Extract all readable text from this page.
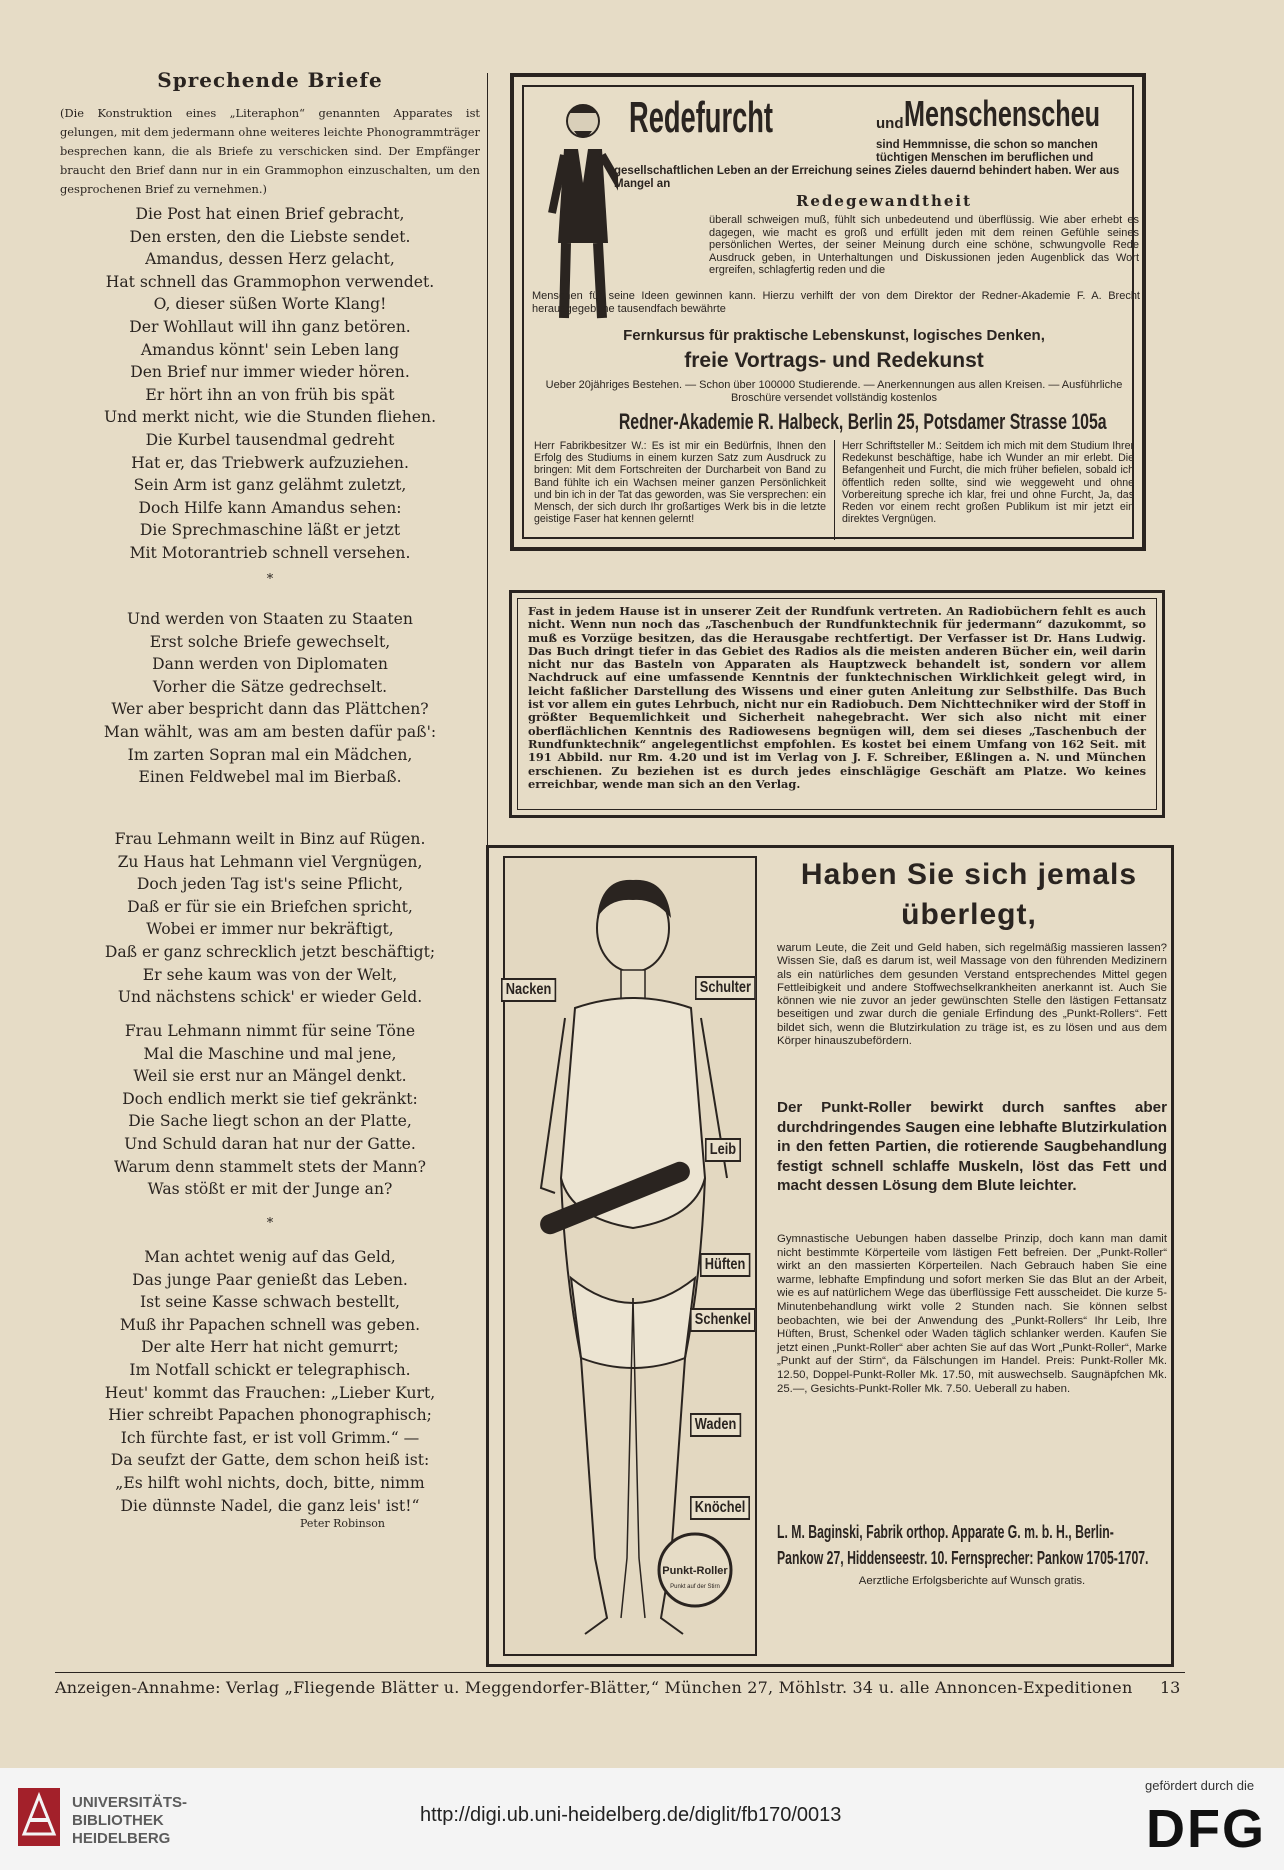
Sprechende Briefe
(Die Konstruktion eines „Literaphon“ genannten Apparates ist gelungen, mit dem jedermann ohne weiteres leichte Phonogrammträger besprechen kann, die als Briefe zu verschicken sind. Der Empfänger braucht den Brief dann nur in ein Grammophon einzuschalten, um den gesprochenen Brief zu vernehmen.)
Die Post hat einen Brief gebracht,
Den ersten, den die Liebste sendet.
Amandus, dessen Herz gelacht,
Hat schnell das Grammophon verwendet.
O, dieser süßen Worte Klang!
Der Wohllaut will ihn ganz betören.
Amandus könnt' sein Leben lang
Den Brief nur immer wieder hören.
Er hört ihn an von früh bis spät
Und merkt nicht, wie die Stunden fliehen.
Die Kurbel tausendmal gedreht
Hat er, das Triebwerk aufzuziehen.
Sein Arm ist ganz gelähmt zuletzt,
Doch Hilfe kann Amandus sehen:
Die Sprechmaschine läßt er jetzt
Mit Motorantrieb schnell versehen.
*
Und werden von Staaten zu Staaten
Erst solche Briefe gewechselt,
Dann werden von Diplomaten
Vorher die Sätze gedrechselt.
Wer aber bespricht dann das Plättchen?
Man wählt, was am am besten dafür paß':
Im zarten Sopran mal ein Mädchen,
Einen Feldwebel mal im Bierbaß.
Frau Lehmann weilt in Binz auf Rügen.
Zu Haus hat Lehmann viel Vergnügen,
Doch jeden Tag ist's seine Pflicht,
Daß er für sie ein Briefchen spricht,
Wobei er immer nur bekräftigt,
Daß er ganz schrecklich jetzt beschäftigt;
Er sehe kaum was von der Welt,
Und nächstens schick' er wieder Geld.
Frau Lehmann nimmt für seine Töne
Mal die Maschine und mal jene,
Weil sie erst nur an Mängel denkt.
Doch endlich merkt sie tief gekränkt:
Die Sache liegt schon an der Platte,
Und Schuld daran hat nur der Gatte.
Warum denn stammelt stets der Mann?
Was stößt er mit der Junge an?
*
Man achtet wenig auf das Geld,
Das junge Paar genießt das Leben.
Ist seine Kasse schwach bestellt,
Muß ihr Papachen schnell was geben.
Der alte Herr hat nicht gemurrt;
Im Notfall schickt er telegraphisch.
Heut' kommt das Frauchen: „Lieber Kurt,
Hier schreibt Papachen phonographisch;
Ich fürchte fast, er ist voll Grimm.“ —
Da seufzt der Gatte, dem schon heiß ist:
„Es hilft wohl nichts, doch, bitte, nimm
Die dünnste Nadel, die ganz leis' ist!“
Peter Robinson
Redefurcht	und Menschenscheu
sind Hemmnisse, die schon so manchen tüchtigen Menschen im beruflichen und
gesellschaftlichen Leben an der Erreichung seines Zieles dauernd behindert haben. Wer aus Mangel an
Redegewandtheit
überall schweigen muß, fühlt sich unbedeutend und überflüssig. Wie aber erhebt es dagegen, wie macht es groß und erfüllt jeden mit dem reinen Gefühle seines persönlichen Wertes, der seiner Meinung durch eine schöne, schwungvolle Rede Ausdruck geben, in Unterhaltungen und Diskussionen jeden Augenblick das Wort ergreifen, schlagfertig reden und die
Menschen für seine Ideen gewinnen kann. Hierzu verhilft der von dem Direktor der Redner-Akademie F. A. Brecht herausgegebene tausendfach bewährte
Fernkursus für praktische Lebenskunst, logisches Denken,
freie Vortrags- und Redekunst
Ueber 20jähriges Bestehen. — Schon über 100000 Studierende. — Anerkennungen aus allen Kreisen. — Ausführliche Broschüre versendet vollständig kostenlos
Redner-Akademie R. Halbeck, Berlin 25, Potsdamer Strasse 105a
Herr Fabrikbesitzer W.: Es ist mir ein Bedürfnis, Ihnen den Erfolg des Studiums in einem kurzen Satz zum Ausdruck zu bringen: Mit dem Fortschreiten der Durcharbeit von Band zu Band fühlte ich ein Wachsen meiner ganzen Persönlichkeit und bin ich in der Tat das geworden, was Sie versprechen: ein Mensch, der sich durch Ihr großartiges Werk bis in die letzte geistige Faser hat kennen gelernt!
Herr Schriftsteller M.: Seitdem ich mich mit dem Studium Ihrer Redekunst beschäftige, habe ich Wunder an mir erlebt. Die Befangenheit und Furcht, die mich früher befielen, sobald ich öffentlich reden sollte, sind wie weggeweht und ohne Vorbereitung spreche ich klar, frei und ohne Furcht, Ja, das Reden vor einem recht großen Publikum ist mir jetzt ein direktes Vergnügen.
Fast in jedem Hause ist in unserer Zeit der Rundfunk vertreten. An Radiobüchern fehlt es auch nicht. Wenn nun noch das „Taschenbuch der Rundfunktechnik für jedermann“ dazukommt, so muß es Vorzüge besitzen, das die Herausgabe rechtfertigt. Der Verfasser ist Dr. Hans Ludwig. Das Buch dringt tiefer in das Gebiet des Radios als die meisten anderen Bücher ein, weil darin nicht nur das Basteln von Apparaten als Hauptzweck behandelt ist, sondern vor allem Nachdruck auf eine umfassende Kenntnis der funktechnischen Wirklichkeit gelegt wird, in leicht faßlicher Darstellung des Wissens und einer guten Anleitung zur Selbsthilfe. Das Buch ist vor allem ein gutes Lehrbuch, nicht nur ein Radiobuch. Dem Nichttechniker wird der Stoff in größter Bequemlichkeit und Sicherheit nahegebracht. Wer sich also nicht mit einer oberflächlichen Kenntnis des Radiowesens begnügen will, dem sei dieses „Taschenbuch der Rundfunktechnik“ angelegentlichst empfohlen. Es kostet bei einem Umfang von 162 Seit. mit 191 Abbild. nur Rm. 4.20 und ist im Verlag von J. F. Schreiber, Eßlingen a. N. und München erschienen. Zu beziehen ist es durch jedes einschlägige Geschäft am Platze. Wo keines erreichbar, wende man sich an den Verlag.
Punkt-Roller
Punkt auf der Stirn
Nacken	Schulter
Leib
Hüften
Schenkel
Waden
Knöchel
Haben Sie sich jemals
überlegt,
warum Leute, die Zeit und Geld haben, sich regelmäßig massieren lassen? Wissen Sie, daß es darum ist, weil Massage von den führenden Medizinern als ein natürliches dem gesunden Verstand entsprechendes Mittel gegen Fettleibigkeit und andere Stoffwechselkrankheiten anerkannt ist. Auch Sie können wie nie zuvor an jeder gewünschten Stelle den lästigen Fettansatz beseitigen und zwar durch die geniale Erfindung des „Punkt-Rollers“. Fett bildet sich, wenn die Blutzirkulation zu träge ist, es zu lösen und aus dem Körper hinauszubefördern.
Der Punkt-Roller bewirkt durch sanftes aber durchdringendes Saugen eine lebhafte Blutzirkulation in den fetten Partien, die rotierende Saugbehandlung festigt schnell schlaffe Muskeln, löst das Fett und macht dessen Lösung dem Blute leichter.
Gymnastische Uebungen haben dasselbe Prinzip, doch kann man damit nicht bestimmte Körperteile vom lästigen Fett befreien. Der „Punkt-Roller“ wirkt an den massierten Körperteilen. Nach Gebrauch haben Sie eine warme, lebhafte Empfindung und sofort merken Sie das Blut an der Arbeit, wie es auf natürlichem Wege das überflüssige Fett ausscheidet. Die kurze 5-Minutenbehandlung wirkt volle 2 Stunden nach. Sie können selbst beobachten, wie bei der Anwendung des „Punkt-Rollers“ Ihr Leib, Ihre Hüften, Brust, Schenkel oder Waden täglich schlanker werden. Kaufen Sie jetzt einen „Punkt-Roller“ aber achten Sie auf das Wort „Punkt-Roller“, Marke „Punkt auf der Stirn“, da Fälschungen im Handel. Preis: Punkt-Roller Mk. 12.50, Doppel-Punkt-Roller Mk. 17.50, mit auswechselb. Saugnäpfchen Mk. 25.—, Gesichts-Punkt-Roller Mk. 7.50. Ueberall zu haben.
L. M. Baginski, Fabrik orthop. Apparate G. m. b. H., Berlin-
Pankow 27, Hiddenseestr. 10. Fernsprecher: Pankow 1705-1707.
Aerztliche Erfolgsberichte auf Wunsch gratis.
Anzeigen-Annahme: Verlag „Fliegende Blätter u. Meggendorfer-Blätter,“ München 27, Möhlstr. 34 u. alle Annoncen-Expeditionen	13
UNIVERSITÄTS-
BIBLIOTHEK
HEIDELBERG
http://digi.ub.uni-heidelberg.de/diglit/fb170/0013
gefördert durch die
DFG
